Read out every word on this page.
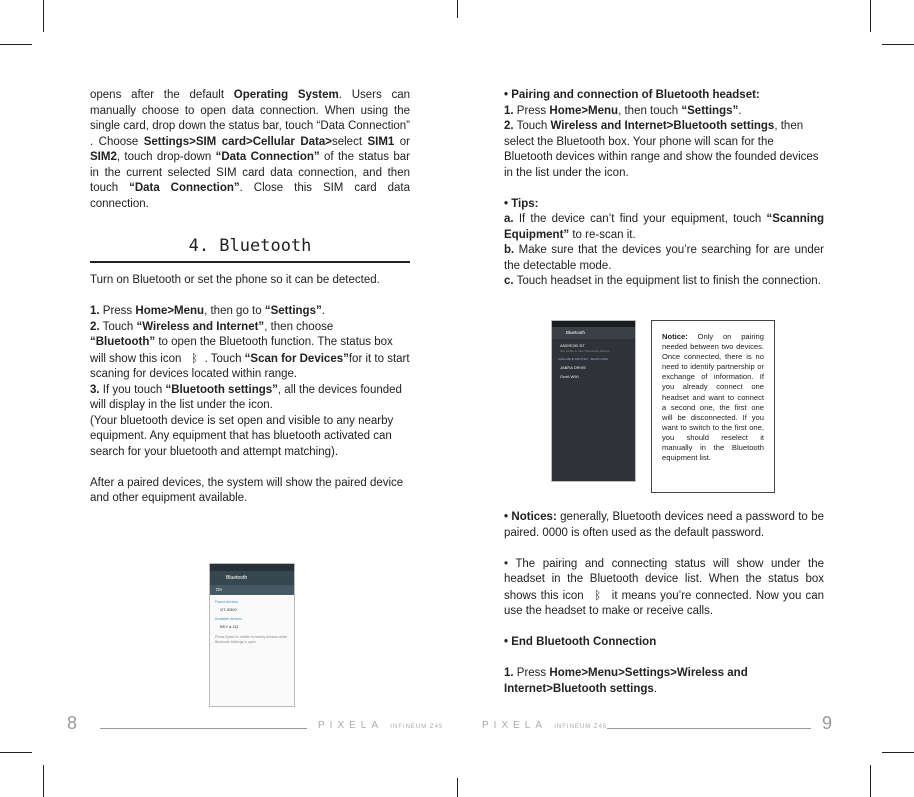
opens after the default Operating System. Users can manually choose to open data connection. When using the single card, drop down the status bar, touch “Data Connection” . Choose Settings>SIM card>Cellular Data>select SIM1 or SIM2, touch drop-down “Data Connection” of the status bar in the current selected SIM card data connection, and then touch “Data Connection”. Close this SIM card data connection.

4. Bluetooth

Turn on Bluetooth or set the phone so it can be detected.

1. Press Home>Menu, then go to “Settings”.

2. Touch “Wireless and Internet”, then choose
“Bluetooth” to open the Bluetooth function. The status box will show this icon ᛒ . Touch “Scan for Devices”for it to start scaning for devices located within range.

3. If you touch “Bluetooth settings”, all the devices founded will display in the list under the icon.

(Your bluetooth device is set open and visible to any nearby equipment. Any equipment that has bluetooth activated can search for your bluetooth and attempt matching).

After a paired devices, the system will show the paired device and other equipment available.

Bluetooth
On
Paired devices
GT-I9300
Available devices
BKY a-2Q
Pixels Speed is visible to nearby devices while Bluetooth Settings is open.
8	PIXELA INFINEUM Z45

• Pairing and connection of Bluetooth headset:

1. Press Home>Menu, then touch “Settings”.

2. Touch Wireless and Internet>Bluetooth settings, then select the Bluetooth box. Your phone will scan for the Bluetooth devices within range and show the founded devices in the list under the icon.

• Tips:

a. If the device can’t find your equipment, touch “Scanning Equipment” to re-scan it.

b. Make sure that the devices you’re searching for are under the detectable mode.

c. Touch headset in the equipment list to finish the connection.

Bluetooth
ANDROID BT
Not visible to other Bluetooth devices
AVAILABLE DEVICES SEARCHING
JABRA DRIVE
Gneil W90
Notice: Only on pairing needed between two devices. Once connected, there is no need to identify partnership or exchange of information. If you already connect one headset and want to connect a second one, the first one will be disconnected. If you want to switch to the first one, you should reselect it manually in the Bluetooth equipment list.

• Notices: generally, Bluetooth devices need a password to be paired. 0000 is often used as the default password.

• The pairing and connecting status will show under the headset in the Bluetooth device list. When the status box shows this icon ᛒ it means you’re connected. Now you can use the headset to make or receive calls.

• End Bluetooth Connection

1. Press Home>Menu>Settings>Wireless and Internet>Bluetooth settings.

PIXELA INFINEUM Z45	9
